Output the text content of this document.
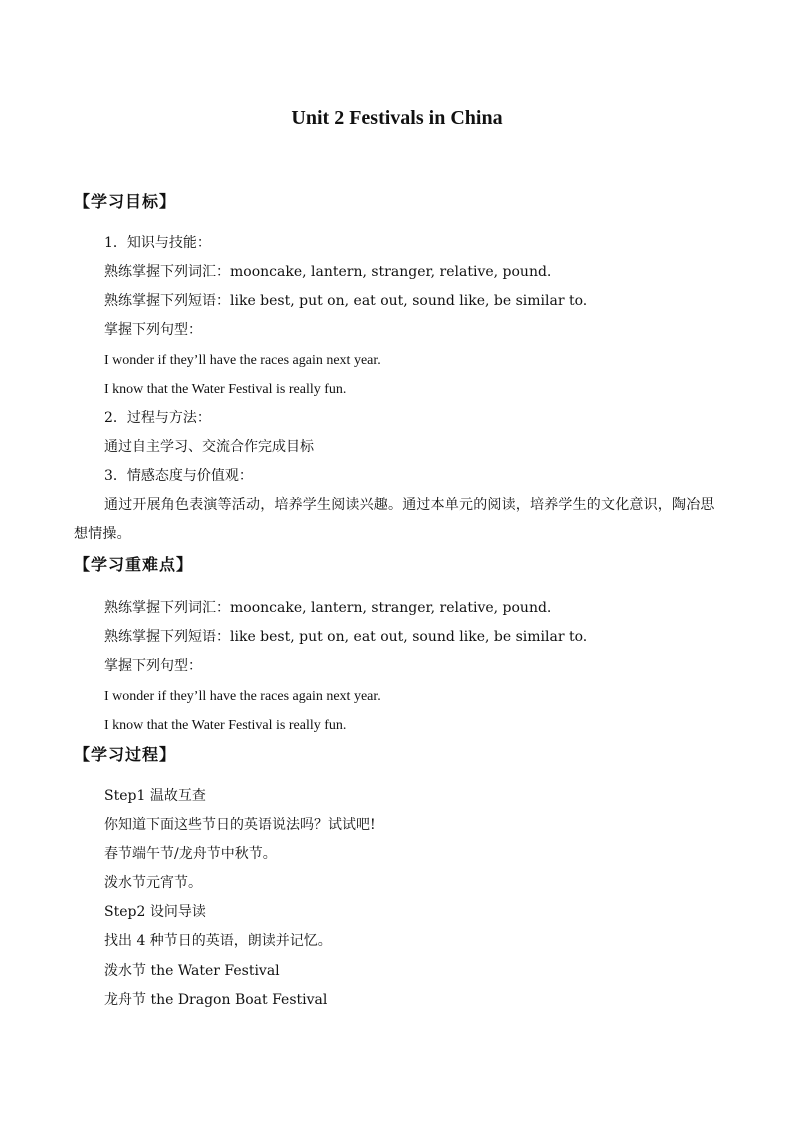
Unit 2 Festivals in China
【学习目标】
1．知识与技能：
熟练掌握下列词汇：mooncake, lantern, stranger, relative, pound.
熟练掌握下列短语：like best, put on, eat out, sound like, be similar to.
掌握下列句型：
I wonder if they’ll have the races again next year.
I know that the Water Festival is really fun.
2．过程与方法：
通过自主学习、交流合作完成目标
3．情感态度与价值观：
通过开展角色表演等活动，培养学生阅读兴趣。通过本单元的阅读，培养学生的文化意识，陶冶思想情操。
【学习重难点】
熟练掌握下列词汇：mooncake, lantern, stranger, relative, pound.
熟练掌握下列短语：like best, put on, eat out, sound like, be similar to.
掌握下列句型：
I wonder if they’ll have the races again next year.
I know that the Water Festival is really fun.
【学习过程】
Step1 温故互查
你知道下面这些节日的英语说法吗？试试吧!
春节端午节/龙舟节中秋节。
泼水节元宵节。
Step2 设问导读
找出 4 种节日的英语，朗读并记忆。
泼水节 the Water Festival
龙舟节 the Dragon Boat Festival
